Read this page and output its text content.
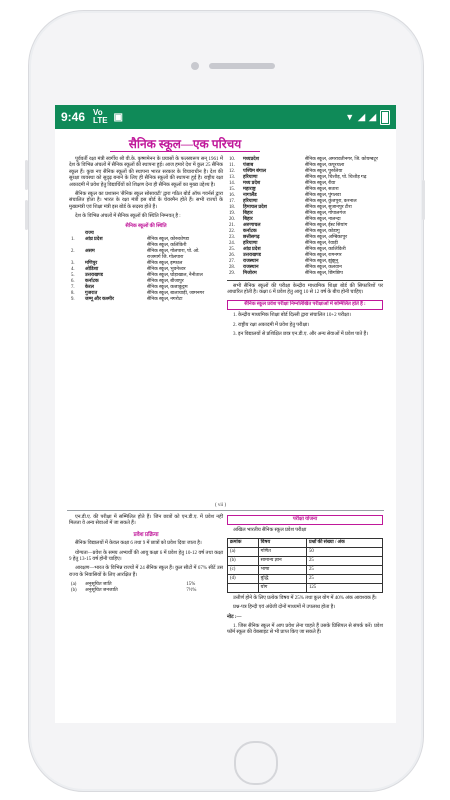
9:46 Vo
LTE ▣	▼ ◢ ◢
सैनिक स्कूल—एक परिचय

पूर्ववर्ती रक्षा मंत्री स्वर्गीय श्री वी.के. कृष्णमेनन के प्रयासों के फलस्वरूप सन् 1961 में देश के विभिन्न अंचलों में सैनिक स्कूलों की स्थापना हुई। आज हमारे देश में कुल 25 सैनिक स्कूल हैं। कुछ नए सैनिक स्कूलों की स्थापना भारत सरकार के विचाराधीन है। देश की सुरक्षा व्यवस्था को सुदृढ़ बनाने के लिए ही सैनिक स्कूलों की स्थापना हुई है। राष्ट्रीय रक्षा अकादमी में प्रवेश हेतु विद्यार्थियों को शिक्षण देना ही सैनिक स्कूलों का मुख्य उद्देश्य है।

सैनिक स्कूल का प्रशासन 'सैनिक स्कूल सोसायटी' द्वारा गठित बोर्ड ऑफ गवर्नर्स द्वारा संचालित होता है। भारत के रक्षा मंत्री इस बोर्ड के चेयरमैन होते हैं। सभी राज्यों के मुख्यमंत्री एवं शिक्षा मंत्री इस बोर्ड के सदस्य होते हैं।

देश के विभिन्न अंचलों में सैनिक स्कूलों की स्थिति निम्नवत् है :

सैनिक स्कूलों की स्थिति
	राज्य	
1.	आंध्र प्रदेश	सैनिक स्कूल, कोरुकोण्डा
		सैनिक स्कूल, कलिकिरी
2.	असम	सैनिक स्कूल, गोलपारा, पो. ओ.
		राजमार्ग जि. गोलपारा
3.	मणिपुर	सैनिक स्कूल, इम्फाल
4.	ओडिशा	सैनिक स्कूल, भुवनेश्वर
5.	उत्तराखण्ड	सैनिक स्कूल, घोड़ाखाल, नैनीताल
6.	कर्नाटक	सैनिक स्कूल, बीजापुर
7.	केरल	सैनिक स्कूल, कजाकुट्टम
8.	गुजरात	सैनिक स्कूल, बालाचाड़ी, जामनगर
9.	जम्मू और कश्मीर	सैनिक स्कूल, नगरोटा
10.	मध्यप्रदेश	सैनिक स्कूल, अमरावतीनगर, जि. कोयम्बटूर
11.	पंजाब	सैनिक स्कूल, कपूरथला
12.	पश्चिम बंगाल	सैनिक स्कूल, पुरुलिया
13.	हरियाणा	सैनिक स्कूल, चित्तौड़, पो. चित्तौड़ गढ़
14.	मध्य प्रदेश	सैनिक स्कूल, रीवा
15.	महाराष्ट्र	सैनिक स्कूल, सतारा
16.	नागालैंड	सैनिक स्कूल, पुंगलवा
17.	हरियाणा	सैनिक स्कूल, कुंजपुरा, करनाल
18.	हिमाचल प्रदेश	सैनिक स्कूल, सुजानपुर टीरा
19.	बिहार	सैनिक स्कूल, गोपालगंज
20.	बिहार	सैनिक स्कूल, नालन्दा
21.	अरुणाचल	सैनिक स्कूल, ईस्ट सियांग
22.	कर्नाटक	सैनिक स्कूल, कोडागु
23.	छत्तीसगढ़	सैनिक स्कूल, अम्बिकापुर
24.	हरियाणा	सैनिक स्कूल, रेवाड़ी
25.	आंध्र प्रदेश	सैनिक स्कूल, कालिकिरी
26.	उत्तराखण्ड	सैनिक स्कूल, रामनगर
27.	राजस्थान	सैनिक स्कूल, झुंझुनू
28.	राजस्थान	सैनिक स्कूल, कलवान
29.	मिजोरम	सैनिक स्कूल, छिंगछिप

सभी सैनिक स्कूलों की परीक्षा केन्द्रीय माध्यमिक शिक्षा बोर्ड की सिफारिशों पर आधारित होती है। कक्षा 6 में प्रवेश हेतु आयु 10 से 12 वर्ष के बीच होनी चाहिए।

सैनिक स्कूल प्रवेश परीक्षा निम्नलिखित परीक्षाओं में सम्मिलित होते हैं :

1. केन्द्रीय माध्यमिक शिक्षा बोर्ड दिल्ली द्वारा संचालित 10+2 परीक्षा।

2. राष्ट्रीय रक्षा अकादमी में प्रवेश हेतु परीक्षा।

3. इन विद्यालयों से प्रशिक्षित छात्र एन.डी.ए. और अन्य सेवाओं में प्रवेश पाते हैं।

( vii )

एन.डी.ए. की परीक्षा में सम्मिलित होते हैं। जिन छात्रों को एन.डी.ए. में प्रवेश नहीं मिलता वे अन्य सेवाओं में जा सकते हैं।

प्रवेश प्रक्रिया

सैनिक विद्यालयों में केवल कक्षा 6 तथा 9 में छात्रों को प्रवेश दिया जाता है।

योग्यता—प्रवेश के समय अभ्यर्थी की आयु कक्षा 6 में प्रवेश हेतु 10-12 वर्ष तथा कक्षा 9 हेतु 13-15 वर्ष होनी चाहिए।

आरक्षण—भारत के विभिन्न राज्यों में 24 सैनिक स्कूल हैं। कुल सीटों में 67% सीटें उस राज्य के निवासियों के लिए आरक्षित हैं।

(a)	अनुसूचित जाति	15%
(b)	अनुसूचित जनजाति	7½%
परीक्षा योजना

अखिल भारतीय सैनिक स्कूल प्रवेश परीक्षा

क्रमांक	विषय	प्रश्नों की संख्या / अंक
(a)	गणित	50
(b)	सामान्य ज्ञान	25
(c)	भाषा	25
(d)	बुद्धि	25
	योग	125

उत्तीर्ण होने के लिए प्रत्येक विषय में 25% तथा कुल योग में 40% अंक आवश्यक हैं।

प्रश्न-पत्र हिन्दी एवं अंग्रेजी दोनों माध्यमों में उपलब्ध होता है।

नोट :—

1. जिस सैनिक स्कूल में आप प्रवेश लेना चाहते हैं उसके प्रिंसिपल से संपर्क करें। प्रवेश फॉर्म स्कूल की वेबसाइट से भी प्राप्त किए जा सकते हैं।
